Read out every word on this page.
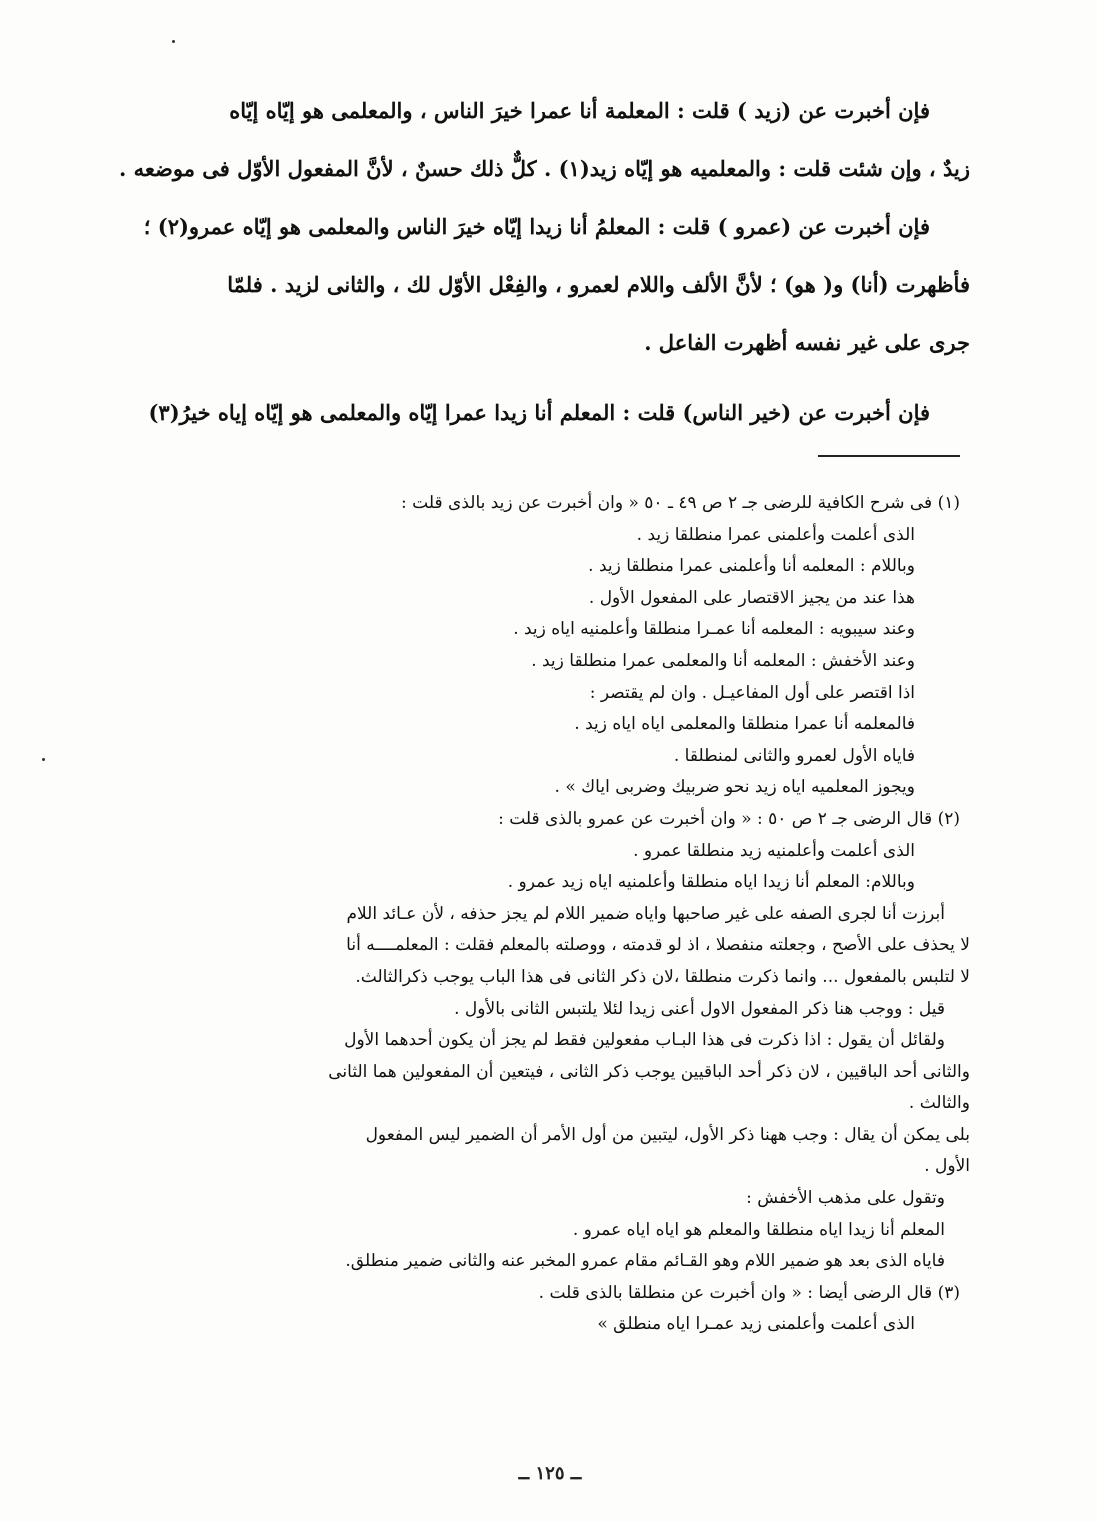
فإن أخبرت عن (زيد ) قلت : المعلمة أنا عمرا خيرَ الناس ، والمعلمى هو إيّاه إيّاه
زيدٌ ، وإن شئت قلت : والمعلميه هو إيّاه زيد(١) . كلٌّ ذلك حسنٌ ، لأنَّ المفعول الأوّل فى موضعه .
فإن أخبرت عن (عمرو ) قلت : المعلمُ أنا زيدا إيّاه خيرَ الناس والمعلمى هو إيّاه عمرو(٢) ؛
فأظهرت (أنا) و( هو) ؛ لأنَّ الألف واللام لعمرو ، والفِعْل الأوّل لك ، والثانى لزيد . فلمّا
جرى على غير نفسه أظهرت الفاعل .
فإن أخبرت عن (خير الناس) قلت : المعلم أنا زيدا عمرا إيّاه والمعلمى هو إيّاه إياه خيرُ(٣)
(١) فى شرح الكافية للرضى جـ ٢ ص ٤٩ ـ ٥٠ « وان أخبرت عن زيد بالذى قلت :
الذى أعلمت وأعلمنى عمرا منطلقا زيد .
وباللام : المعلمه أنا وأعلمنى عمرا منطلقا زيد .
هذا عند من يجيز الاقتصار على المفعول الأول .
وعند سيبويه : المعلمه أنا عمـرا منطلقا وأعلمنيه اياه زيد .
وعند الأخفش : المعلمه أنا والمعلمى عمرا منطلقا زيد .
اذا اقتصر على أول المفاعيـل . وان لم يقتصر :
فالمعلمه أنا عمرا منطلقا والمعلمى اياه اياه زيد .
فاياه الأول لعمرو والثانى لمنطلقا .
ويجوز المعلميه اياه زيد نحو ضربيك وضربى اياك » .
(٢) قال الرضى جـ ٢ ص ٥٠ : « وان أخبرت عن عمرو بالذى قلت :
الذى أعلمت وأعلمنيه زيد منطلقا عمرو .
وباللام: المعلم أنا زيدا اياه منطلقا وأعلمنيه اياه زيد عمرو .
أبرزت أنا لجرى الصفه على غير صاحبها واياه ضمير اللام لم يجز حذفه ، لأن عـائد اللام
لا يحذف على الأصح ، وجعلته منفصلا ، اذ لو قدمته ، ووصلته بالمعلم فقلت : المعلمــــه أنا
لا لتلبس بالمفعول ... وانما ذكرت منطلقا ،لان ذكر الثانى فى هذا الباب يوجب ذكرالثالث.
قيل : ووجب هنا ذكر المفعول الاول أعنى زيدا لئلا يلتبس الثانى بالأول .
ولقائل أن يقول : اذا ذكرت فى هذا البـاب مفعولين فقط لم يجز أن يكون أحدهما الأول
والثانى أحد الباقيين ، لان ذكر أحد الباقيين يوجب ذكر الثانى ، فيتعين أن المفعولين هما الثانى
والثالث .
بلى يمكن أن يقال : وجب ههنا ذكر الأول، ليتبين من أول الأمر أن الضمير ليس المفعول
الأول .
وتقول على مذهب الأخفش :
المعلم أنا زيدا اياه منطلقا والمعلم هو اياه اياه عمرو .
فاياه الذى بعد هو ضمير اللام وهو القـائم مقام عمرو المخبر عنه والثانى ضمير منطلق.
(٣) قال الرضى أيضا : « وان أخبرت عن منطلقا بالذى قلت .
الذى أعلمت وأعلمنى زيد عمـرا اياه منطلق »
ــ ١٢٥ ــ
